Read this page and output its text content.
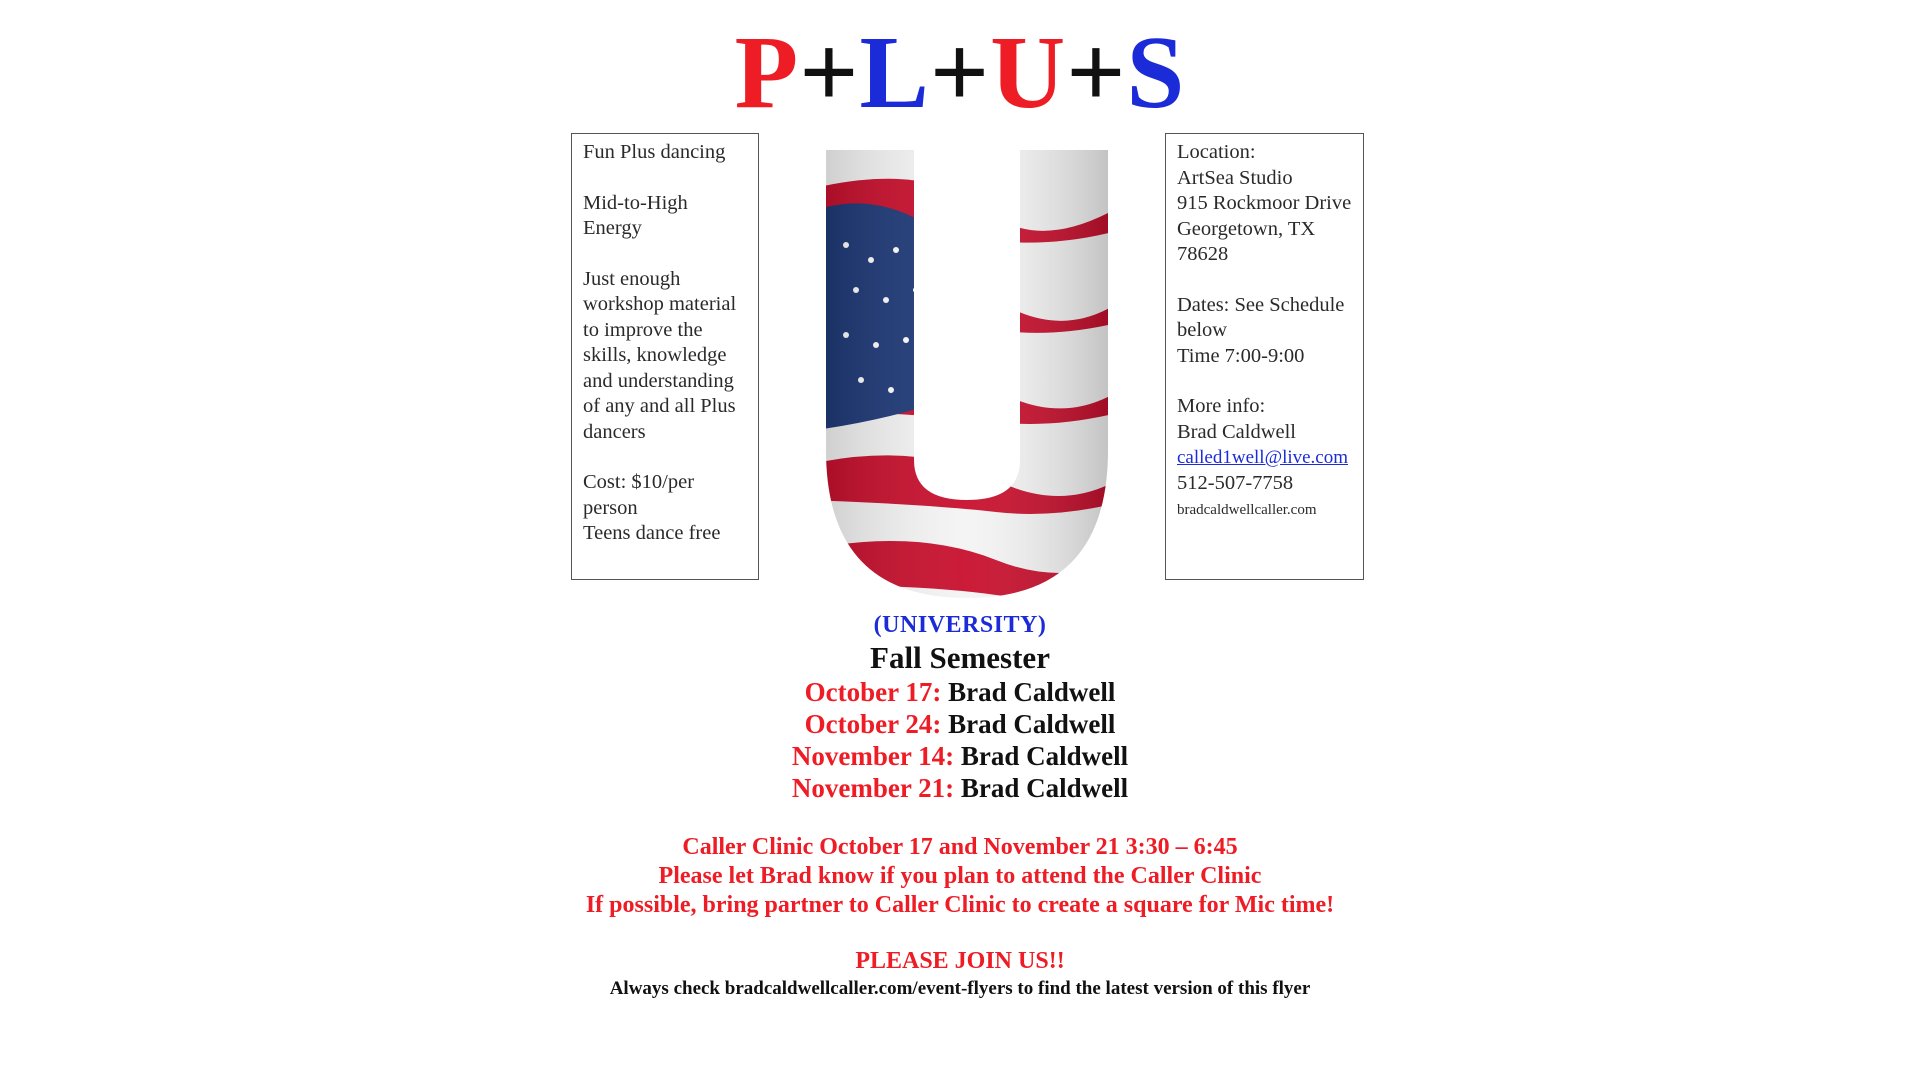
P+L+U+S

Fun Plus dancing

Mid-to-High Energy

Just enough workshop material to improve the skills, knowledge and understanding of any and all Plus dancers

Cost: $10/per person
Teens dance free

(UNIVERSITY)
Fall Semester
October 17: Brad Caldwell
October 24: Brad Caldwell
November 14: Brad Caldwell
November 21: Brad Caldwell
Caller Clinic October 17 and November 21 3:30 – 6:45
Please let Brad know if you plan to attend the Caller Clinic
If possible, bring partner to Caller Clinic to create a square for Mic time!
PLEASE JOIN US!!
Always check bradcaldwellcaller.com/event-flyers to find the latest version of this flyer

Location:
ArtSea Studio
915 Rockmoor Drive
Georgetown, TX 78628

Dates: See Schedule below
Time 7:00-9:00

More info:
Brad Caldwell
called1well@live.com
512-507-7758
bradcaldwellcaller.com
